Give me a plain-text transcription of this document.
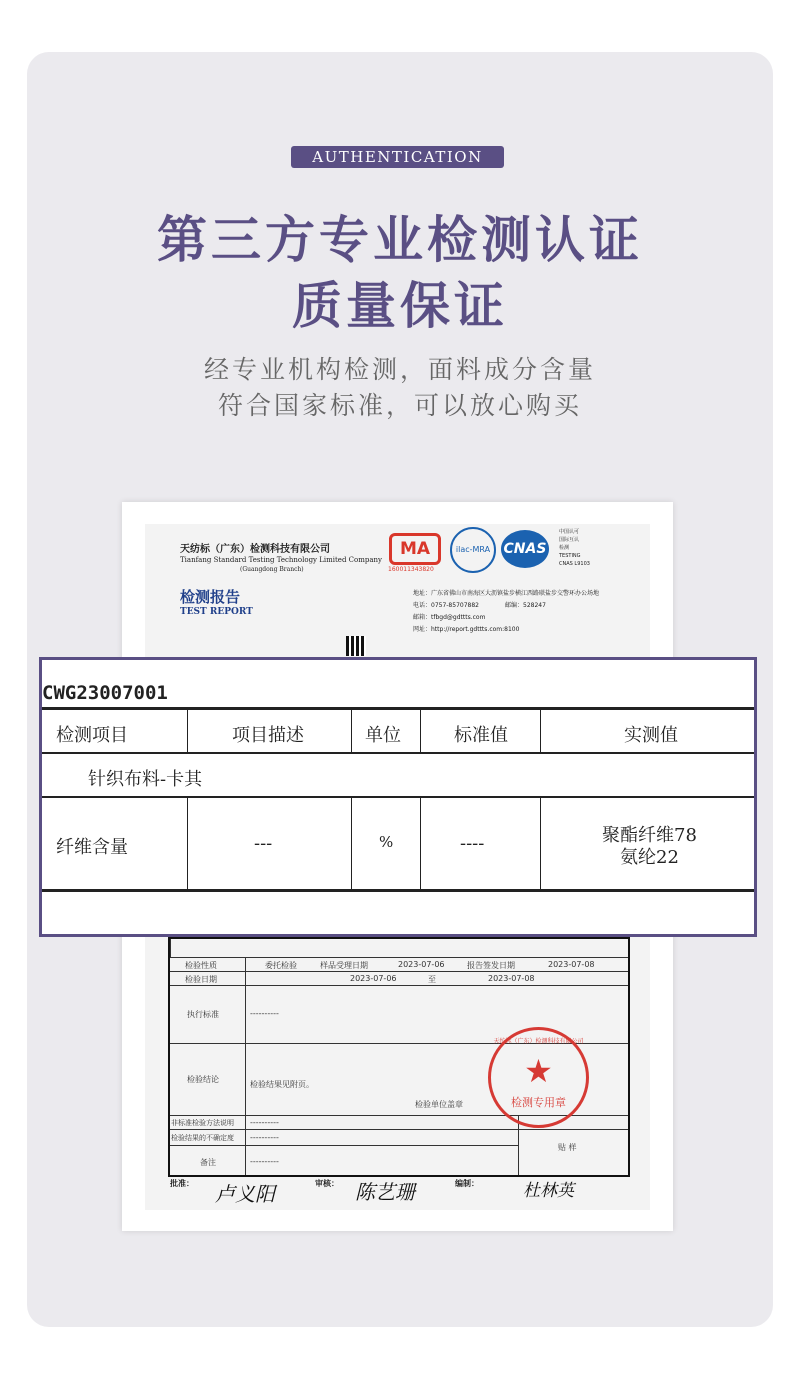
AUTHENTICATION
第三方专业检测认证
质量保证
经专业机构检测，面料成分含量
符合国家标准，可以放心购买
天纺标（广东）检测科技有限公司
Tianfang Standard Testing Technology Limited Company
(Guangdong Branch)
检测报告
TEST REPORT
MA
160011343820
ilac-MRA CNAS
中国认可
国际互认
检测
TESTING
CNAS L9103
地址：广东省佛山市南海区大沥镇盐步横江西路联盐步交警环办公场地
电话：0757-85707882	邮编：528247
邮箱：tfbgd@gdttts.com
网址：http://report.gdttts.com:8100
检验性质	委托检验	样品受理日期	2023-07-06	报告签发日期	2023-07-08
检验日期	2023-07-06	至	2023-07-08
执行标准	----------
检验结论
检验结果见附页。
检验单位盖章
非标准检验方法说明 ----------
检验结果的不确定度 ----------
备注	----------
贴 样
天纺标（广东）检测科技有限公司
★
检测专用章
批准： 卢义阳	审核： 陈艺珊	编制：	杜林英
CWG23007001
检测项目	项目描述	单位	标准值	实测值
针织布料-卡其
纤维含量	---	%	----	聚酯纤维78
氨纶22
